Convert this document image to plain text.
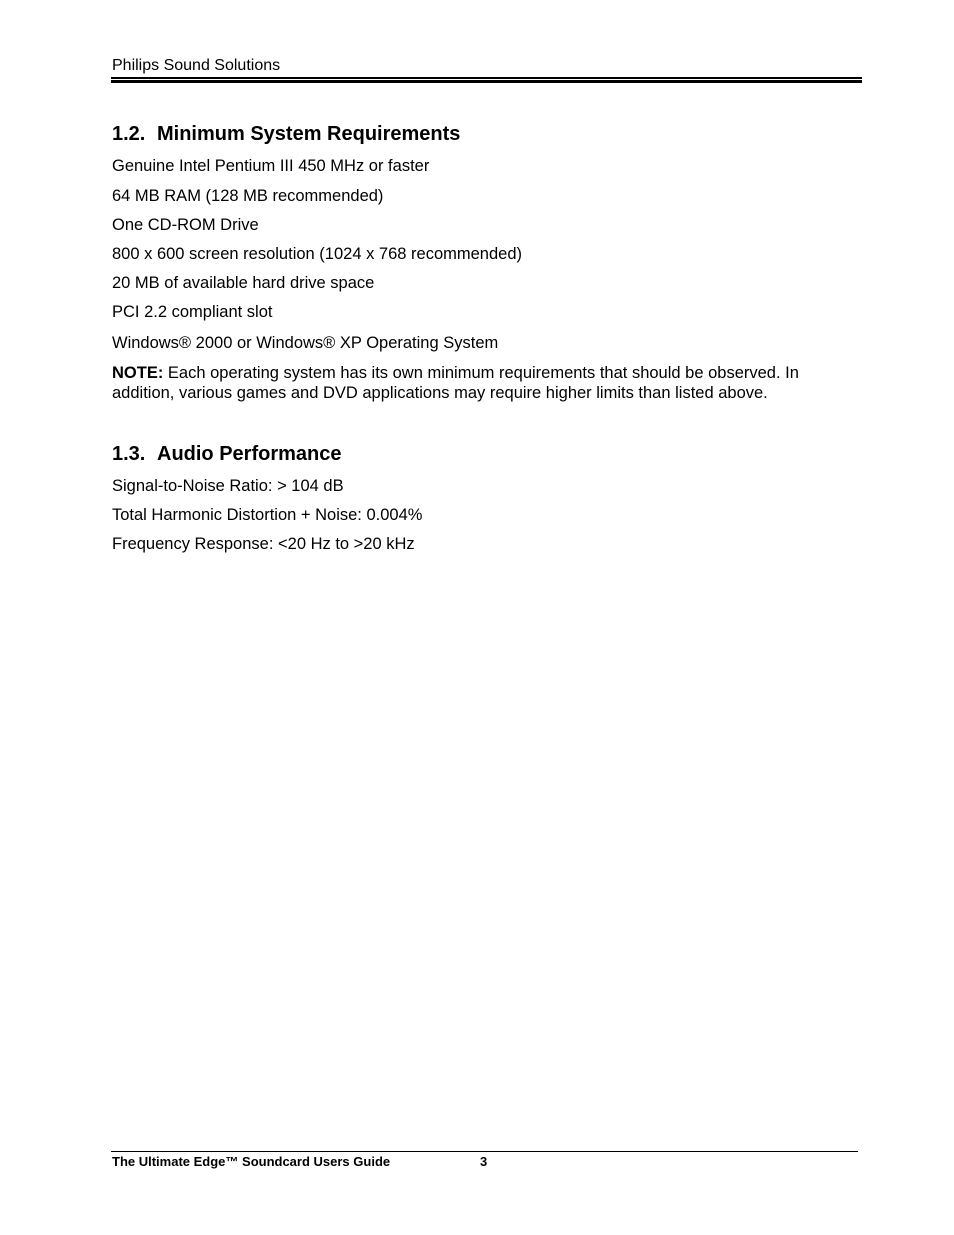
Philips Sound Solutions
1.2. Minimum System Requirements

Genuine Intel Pentium III 450 MHz or faster

64 MB RAM (128 MB recommended)

One CD-ROM Drive

800 x 600 screen resolution (1024 x 768 recommended)

20 MB of available hard drive space

PCI 2.2 compliant slot

Windows® 2000 or Windows® XP Operating System

NOTE: Each operating system has its own minimum requirements that should be observed. In addition, various games and DVD applications may require higher limits than listed above.
1.3. Audio Performance

Signal-to-Noise Ratio: > 104 dB

Total Harmonic Distortion + Noise: 0.004%

Frequency Response: <20 Hz to >20 kHz

The Ultimate Edge™ Soundcard Users Guide	3
